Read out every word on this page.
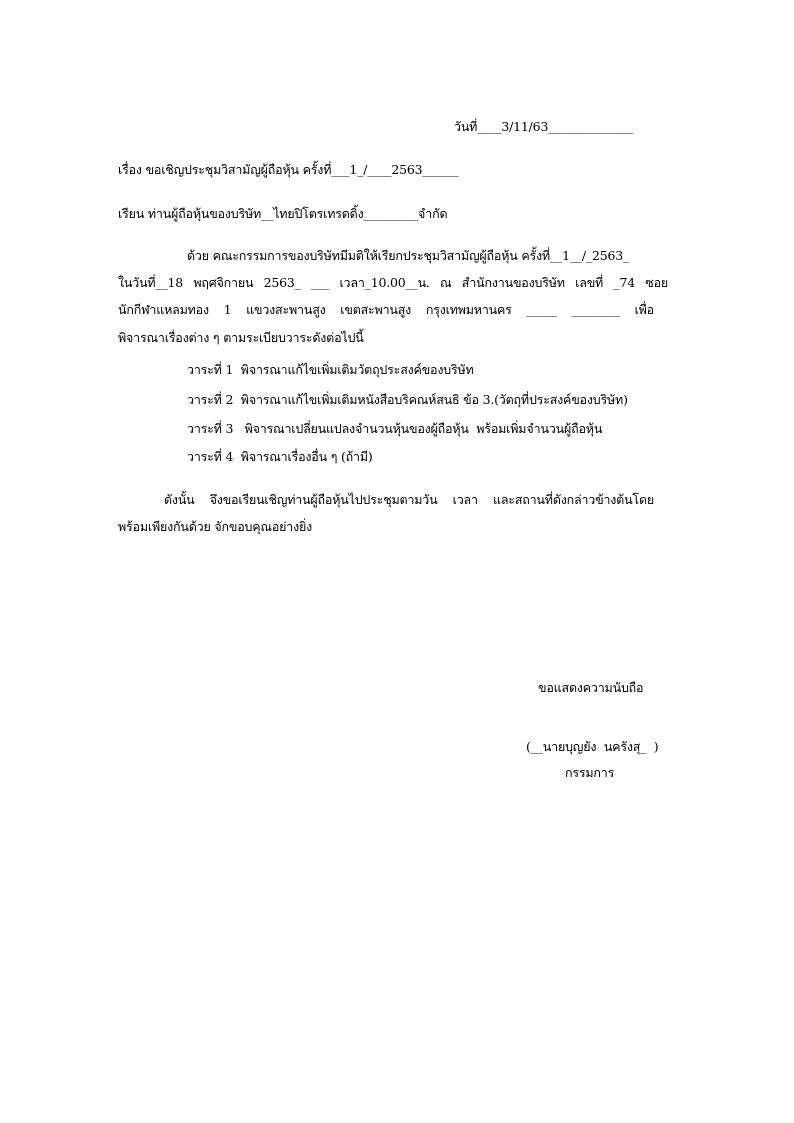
วันที่____3/11/63______________
เรื่อง ขอเชิญประชุมวิสามัญผู้ถือหุ้น ครั้งที่___1_/____2563______
เรียน ท่านผู้ถือหุ้นของบริษัท__ไทยปิโตรเทรดดิ้ง_________จำกัด
ด้วย คณะกรรมการของบริษัทมีมติให้เรียกประชุมวิสามัญผู้ถือหุ้น ครั้งที่__1__/_2563_
ในวันที่__18 พฤศจิกายน 2563_ ___ เวลา_10.00__น. ณ สำนักงานของบริษัท เลขที่ _74 ซอย
นักกีฬาแหลมทอง 1 แขวงสะพานสูง เขตสะพานสูง กรุงเทพมหานคร _____ ________ เพื่อ
พิจารณาเรื่องต่าง ๆ ตามระเบียบวาระดังต่อไปนี้
วาระที่ 1  พิจารณาแก้ไขเพิ่มเติมวัตถุประสงค์ของบริษัท
วาระที่ 2  พิจารณาแก้ไขเพิ่มเติมหนังสือบริคณห์สนธิ ข้อ 3.(วัตถุที่ประสงค์ของบริษัท)
วาระที่ 3   พิจารณาเปลี่ยนแปลงจำนวนหุ้นของผู้ถือหุ้น  พร้อมเพิ่มจำนวนผู้ถือหุ้น
วาระที่ 4  พิจารณาเรื่องอื่น ๆ (ถ้ามี)
ดังนั้น จึงขอเรียนเชิญท่านผู้ถือหุ้นไปประชุมตามวัน เวลา และสถานที่ดังกล่าวข้างต้นโดย
พร้อมเพียงกันด้วย จักขอบคุณอย่างยิ่ง
ขอแสดงความนับถือ
(__นายบุญยัง  นครังสุ_  )
กรรมการ
